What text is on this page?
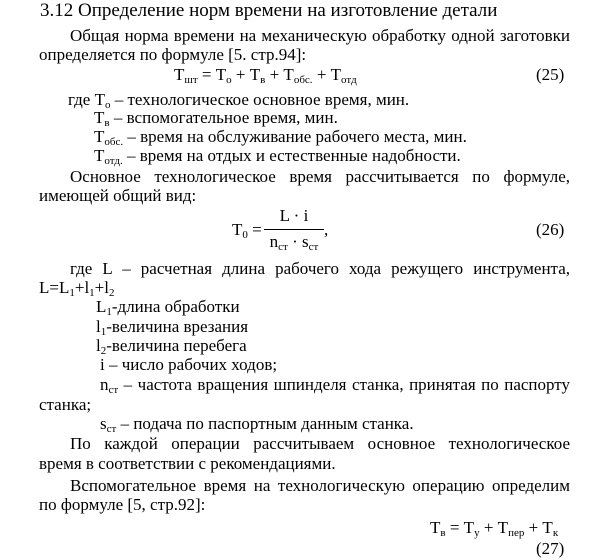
3.12 Определение норм времени на изготовление детали
Общая норма времени на механическую обработку одной заготовки
определяется по формуле [5. стр.94]:
$Т_{шт} = Т_о + Т_в + Т_{обс.} + Т_{отд}$	(25)
где $Т_о$ – технологическое основное время, мин.
$Т_в$ – вспомогательное время, мин.
$Т_{обс.}$ – время на обслуживание рабочего места, мин.
$Т_{отд.}$ – время на отдых и естественные надобности.
Основное технологическое время рассчитывается по формуле,
имеющей общий вид:
$T_0$ =
L · i
$n_{ст} \cdot s_{ст}$
,	(26)
где L – расчетная длина рабочего хода режущего инструмента,
$L=L_1+l_1+l_2$
$L_1$-длина обработки
$l_1$-величина врезания
$l_2$-величина перебега
i – число рабочих ходов;
$n_{ст}$ – частота вращения шпинделя станка, принятая по паспорту
станка;
$s_{ст}$ – подача по паспортным данным станка.
По каждой операции рассчитываем основное технологическое
время в соответствии с рекомендациями.
Вспомогательное время на технологическую операцию определим
по формуле [5, стр.92]:
$Т_в = Т_у + Т_{пер} + Т_к$
(27)
